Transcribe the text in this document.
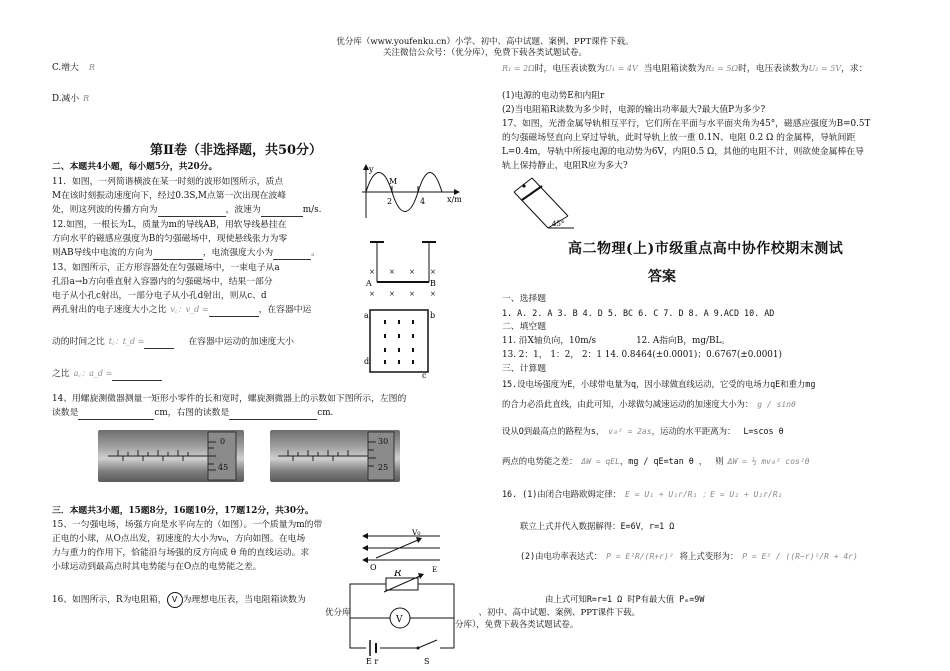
优分库（www.youfenku.cn）小学、初中、高中试题、案例、PPT课件下载。
关注微信公众号：（优分库），免费下载各类试题试卷。
C.增大 R
D.减小 R
第Ⅱ卷（非选择题，共50分）
二、本题共4小题，每小题5分，共20分。
11．如图，一列简谐横波在某一时刻的波形如图所示，质点
M在该时刻振动速度向下，经过0.3S,M点第一次出现在波峰
处，则这列波的传播方向为	，波速为	m/s.
12.如图，一根长为L，质量为m的导线AB，用软导线悬挂在
方向水平的磁感应强度为B的匀强磁场中，现使悬线张力为零
则AB导线中电流的方向为	，电流强度大小为	。
13、如图所示，正方形容器处在匀强磁场中，一束电子从a
孔沿a→b方向垂直射入容器内的匀强磁场中，结果一部分
电子从小孔c射出，一部分电子从小孔d射出，则从c、d
两孔射出的电子速度大小之比 v꜀：v_d =	，在容器中运
动的时间之比 t꜀：t_d =	在容器中运动的加速度大小
之比 a꜀：a_d =
14、用螺旋测微器测量一矩形小零件的长和宽时，螺旋测微器上的示数如下图所示，左图的
读数是	cm，右图的读数是	cm.
0
45
30
25
三．本题共3小题，15题8分，16题10分，17题12分，共30分。
15、一匀强电场，场强方向是水平向左的（如图）。一个质量为m的带
正电的小球，从O点出发，初速度的大小为v₀，方向如图。在电场
力与重力的作用下，恰能沿与场强的反方向成 θ 角的直线运动。求
小球运动到最高点时其电势能与在O点的电势能之差。
16、如图所示，R为电阻箱， V 为理想电压表，当电阻箱读数为
y
x/m
M
2	4
× × × ×
× × × ×
A	B
a	b
c
d
V₀
O	E
R
V
E r	S
R₁ = 2Ω时，电压表读数为U₁ = 4V 当电阻箱读数为R₂ = 5Ω时，电压表读数为U₂ = 5V，求：
(1)电源的电动势E和内阻r
(2)当电阻箱R读数为多少时，电源的输出功率最大?最大值P为多少?
17、如图，光滑金属导轨相互平行，它们所在平面与水平面夹角为45°，磁感应强度为B=0.5T
的匀强磁场竖直向上穿过导轨，此时导轨上放一重 0.1N、电阻 0.2 Ω 的金属棒，导轨间距
L=0.4m，导轨中所接电源的电动势为6V，内阻0.5 Ω，其他的电阻不计，则欲使金属棒在导
轨上保持静止，电阻R应为多大?
45°
高二物理(上)市级重点高中协作校期末测试
答案
一、选择题
1. A. 2. A 3. B 4. D 5. BC 6. C 7. D 8. A 9.ACD 10. AD
二、填空题
11. 沿X轴负向，10m/s	12. A指向B，mg/BL。
13. 2：1， 1：2， 2：1 14. 0.8464(±0.0001)；0.6767(±0.0001)
三、计算题
15.设电场强度为E，小球带电量为q，因小球做直线运动，它受的电场力qE和重力mg
的合力必沿此直线，由此可知，小球做匀减速运动的加速度大小为： g / sinθ
设从O到最高点的路程为s， v₀² = 2as，运动的水平距离为： L=scos θ
两点的电势能之差： ΔW = qEL，mg / qE=tan θ ， 则 ΔW = ½ mv₀² cos²θ
16. (1)由闭合电路欧姆定律： E = U₁ + U₁r/R₁ ；E = U₂ + U₂r/R₂
联立上式并代入数据解得：E=6V，r=1 Ω
(2)由电功率表达式： P = E²R/(R+r)² 将上式变形为： P = E² / ((R−r)²/R + 4r)
由上式可知R=r=1 Ω 时P有最大值 Pₘ=9W
优分库	、初中、高中试题、案例、PPT课件下载。
分库），免费下载各类试题试卷。
